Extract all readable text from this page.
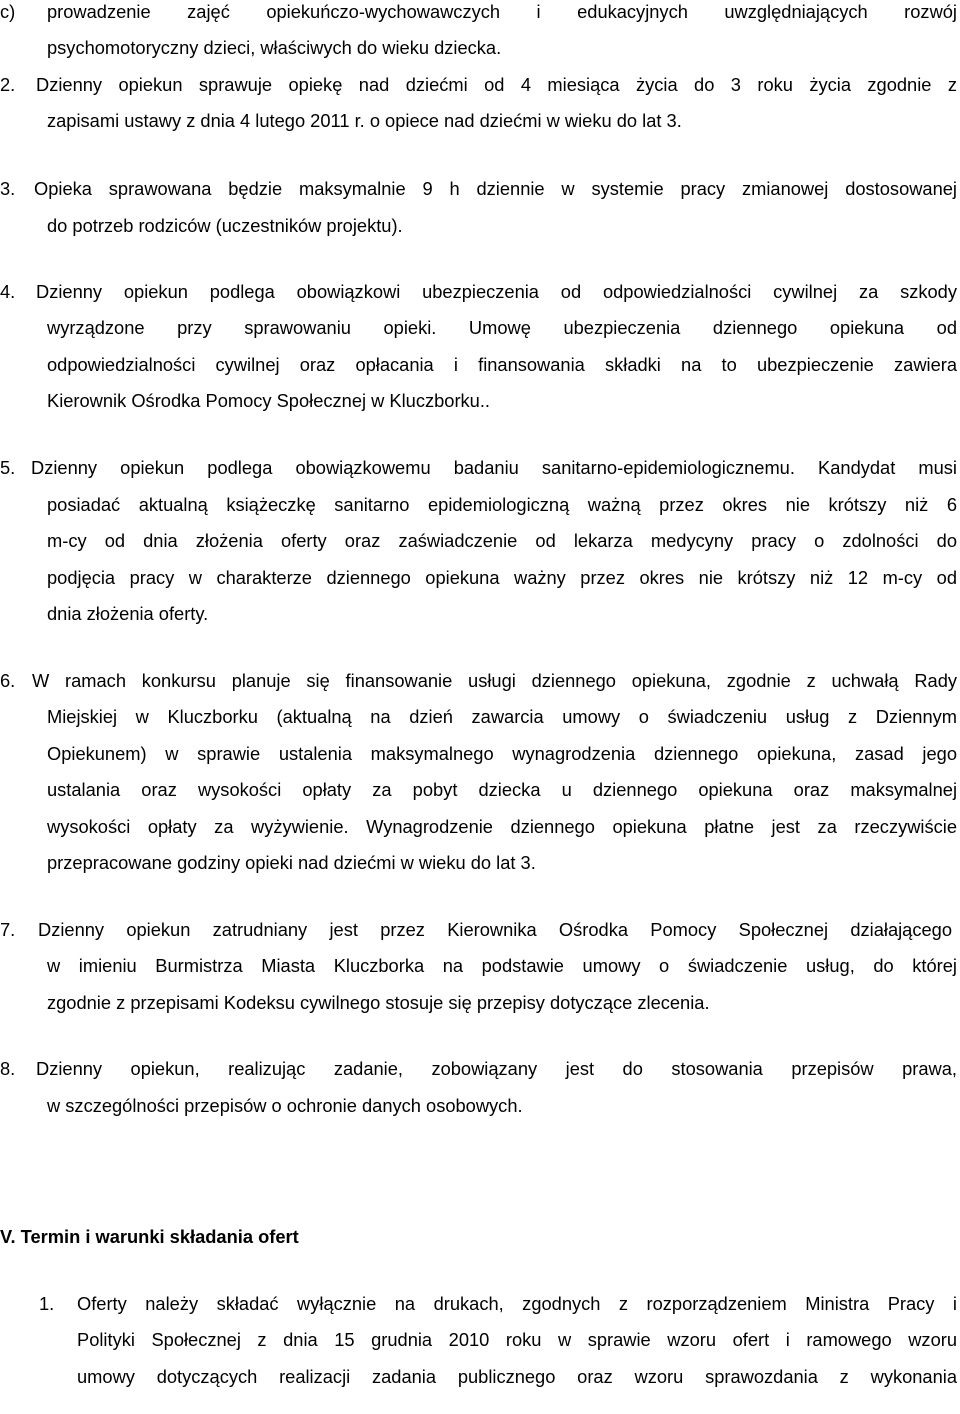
c) prowadzenie zajęć opiekuńczo-wychowawczych i edukacyjnych uwzględniających rozwój
psychomotoryczny dzieci, właściwych do wieku dziecka.
2. Dzienny opiekun sprawuje opiekę nad dziećmi od 4 miesiąca życia do 3 roku życia zgodnie z
zapisami ustawy z dnia 4 lutego 2011 r. o opiece nad dziećmi w wieku do lat 3.
3. Opieka sprawowana będzie maksymalnie 9 h dziennie w systemie pracy zmianowej dostosowanej
do potrzeb rodziców (uczestników projektu).
4. Dzienny opiekun podlega obowiązkowi ubezpieczenia od odpowiedzialności cywilnej za szkody
wyrządzone przy sprawowaniu opieki. Umowę ubezpieczenia dziennego opiekuna od
odpowiedzialności cywilnej oraz opłacania i finansowania składki na to ubezpieczenie zawiera
Kierownik Ośrodka Pomocy Społecznej w Kluczborku..
5. Dzienny opiekun podlega obowiązkowemu badaniu sanitarno-epidemiologicznemu. Kandydat musi
posiadać aktualną książeczkę sanitarno epidemiologiczną ważną przez okres nie krótszy niż 6
m-cy od dnia złożenia oferty oraz zaświadczenie od lekarza medycyny pracy o zdolności do
podjęcia pracy w charakterze dziennego opiekuna ważny przez okres nie krótszy niż 12 m-cy od
dnia złożenia oferty.
6. W ramach konkursu planuje się finansowanie usługi dziennego opiekuna, zgodnie z uchwałą Rady
Miejskiej w Kluczborku (aktualną na dzień zawarcia umowy o świadczeniu usług z Dziennym
Opiekunem) w sprawie ustalenia maksymalnego wynagrodzenia dziennego opiekuna, zasad jego
ustalania oraz wysokości opłaty za pobyt dziecka u dziennego opiekuna oraz maksymalnej
wysokości opłaty za wyżywienie. Wynagrodzenie dziennego opiekuna płatne jest za rzeczywiście
przepracowane godziny opieki nad dziećmi w wieku do lat 3.
7. Dzienny opiekun zatrudniany jest przez Kierownika Ośrodka Pomocy Społecznej działającego
w imieniu Burmistrza Miasta Kluczborka na podstawie umowy o świadczenie usług, do której
zgodnie z przepisami Kodeksu cywilnego stosuje się przepisy dotyczące zlecenia.
8. Dzienny opiekun, realizując zadanie, zobowiązany jest do stosowania przepisów prawa,
w szczególności przepisów o ochronie danych osobowych.
V. Termin i warunki składania ofert
1. Oferty należy składać wyłącznie na drukach, zgodnych z rozporządzeniem Ministra Pracy i
Polityki Społecznej z dnia 15 grudnia 2010 roku w sprawie wzoru ofert i ramowego wzoru
umowy dotyczących realizacji zadania publicznego oraz wzoru sprawozdania z wykonania
